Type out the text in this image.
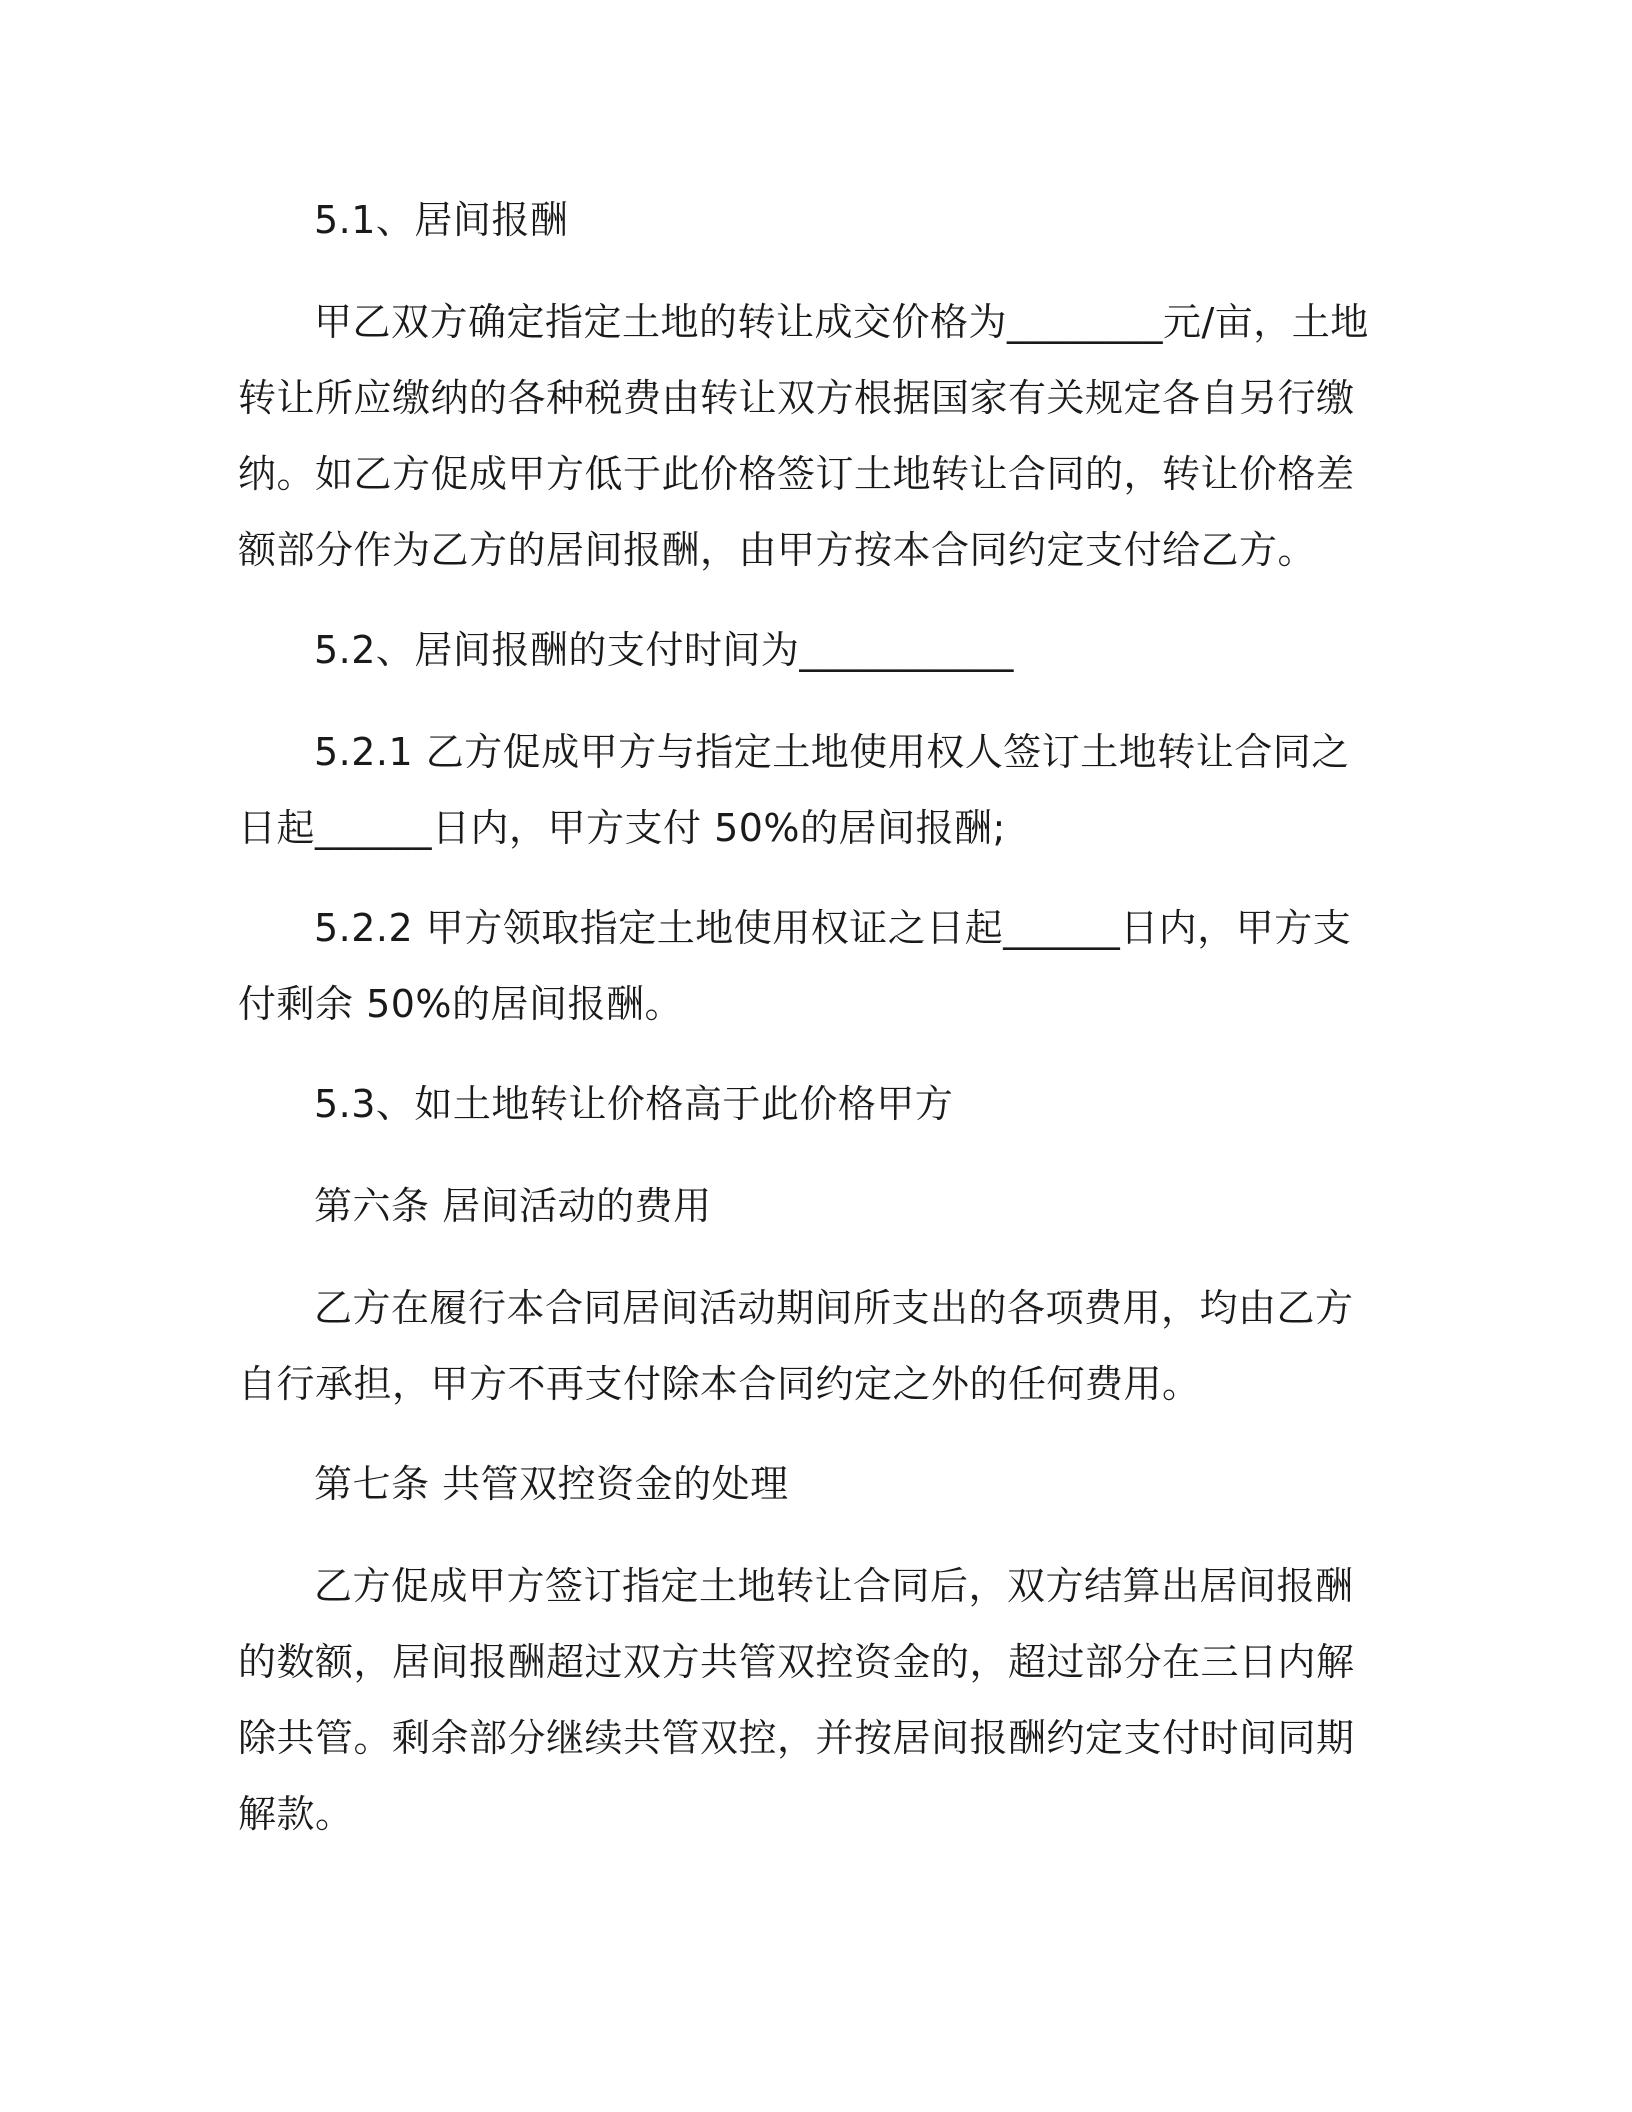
5.1、居间报酬

甲乙双方确定指定土地的转让成交价格为________元/亩，土地转让所应缴纳的各种税费由转让双方根据国家有关规定各自另行缴纳。如乙方促成甲方低于此价格签订土地转让合同的，转让价格差额部分作为乙方的居间报酬，由甲方按本合同约定支付给乙方。

5.2、居间报酬的支付时间为___________

5.2.1 乙方促成甲方与指定土地使用权人签订土地转让合同之日起______日内，甲方支付 50%的居间报酬;

5.2.2 甲方领取指定土地使用权证之日起______日内，甲方支付剩余 50%的居间报酬。

5.3、如土地转让价格高于此价格甲方

第六条 居间活动的费用

乙方在履行本合同居间活动期间所支出的各项费用，均由乙方自行承担，甲方不再支付除本合同约定之外的任何费用。

第七条 共管双控资金的处理

乙方促成甲方签订指定土地转让合同后，双方结算出居间报酬的数额，居间报酬超过双方共管双控资金的，超过部分在三日内解除共管。剩余部分继续共管双控，并按居间报酬约定支付时间同期解款。
